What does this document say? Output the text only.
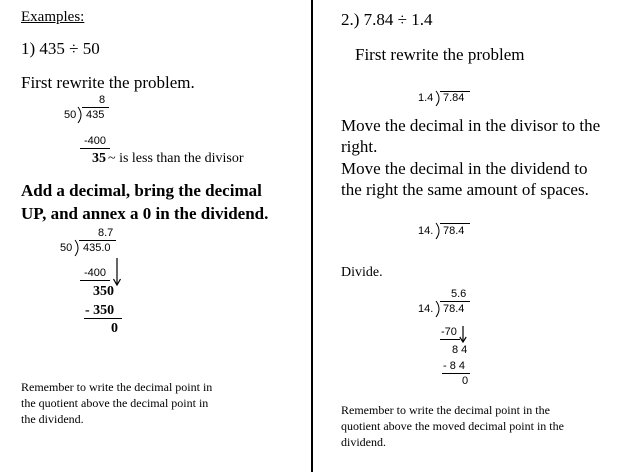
Examples:
1) 435 ÷ 50
First rewrite the problem.
8
50 435
-400
35 ~ is less than the divisor
Add a decimal, bring the decimal
UP, and annex a 0 in the dividend.
8.7
50 435.0
-400
350
- 350
0
Remember to write the decimal point in
the quotient above the decimal point in
the dividend.
2.) 7.84 ÷ 1.4
First rewrite the problem
1.4 7.84
Move the decimal in the divisor to the
right.
Move the decimal in the dividend to
the right the same amount of spaces.
14. 78.4
Divide.
5.6
14. 78.4
-70
8 4
- 8 4
0
Remember to write the decimal point in the
quotient above the moved decimal point in the
dividend.
